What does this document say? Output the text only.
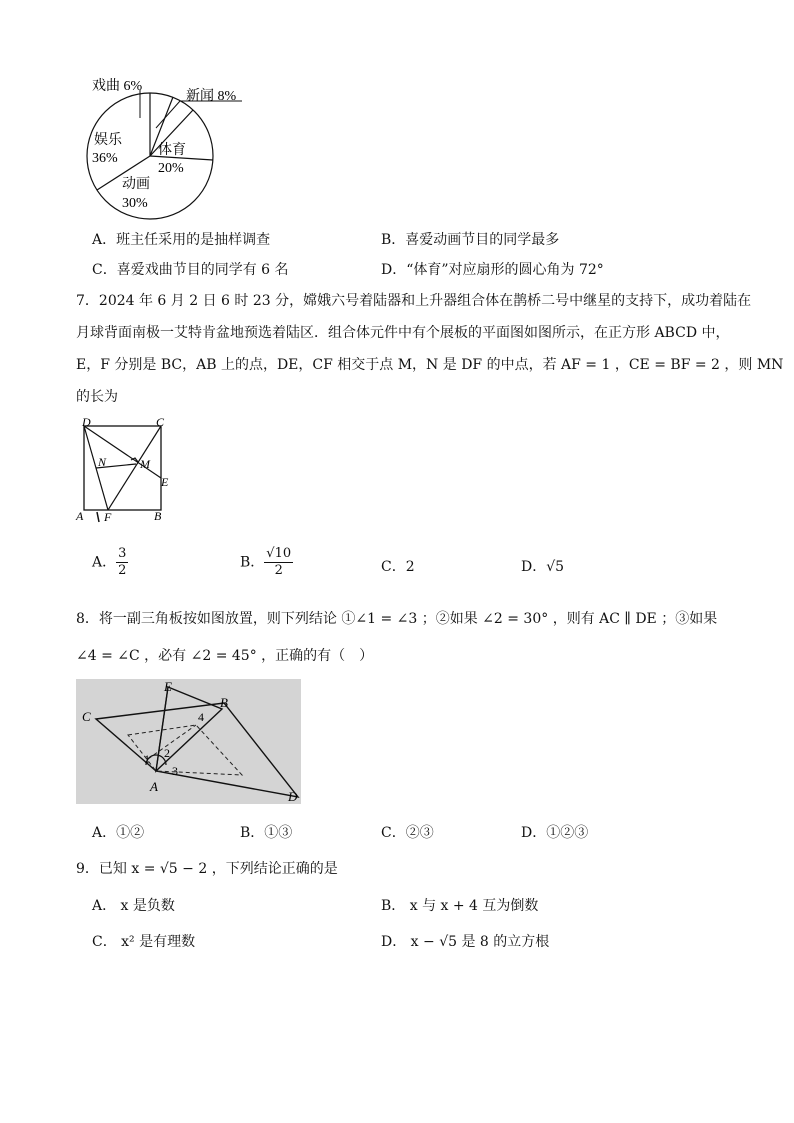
戏曲 6%
新闻 8%
娱乐
36%
体育
20%
动画
30%
A．班主任采用的是抽样调查	B．喜爱动画节目的同学最多
C．喜爱戏曲节目的同学有 6 名	D．“体育”对应扇形的圆心角为 72°
7．2024 年 6 月 2 日 6 时 23 分，嫦娥六号着陆器和上升器组合体在鹊桥二号中继星的支持下，成功着陆在
月球背面南极一艾特肯盆地预选着陆区．组合体元件中有个展板的平面图如图所示，在正方形 ABCD 中，
E，F 分别是 BC，AB 上的点，DE，CF 相交于点 M，N 是 DF 的中点，若 AF = 1 ，CE = BF = 2 ，则 MN
的长为
D	C
N	M
E
A F	B
A． $\frac{3}{2}$	B． $\frac{√10}{2}$	C．2	D．√5
8．将一副三角板按如图放置，则下列结论 ①∠1 = ∠3 ；②如果 ∠2 = 30° ，则有 AC ∥ DE ；③如果
∠4 = ∠C ，必有 ∠2 = 45° ，正确的有（　）
E
B
C
A
D
1 2
3
4
A．①②	B．①③	C．②③	D．①②③
9．已知 x = √5 − 2 ，下列结论正确的是
A． x 是负数	B． x 与 x + 4 互为倒数
C． x² 是有理数	D． x − √5 是 8 的立方根
